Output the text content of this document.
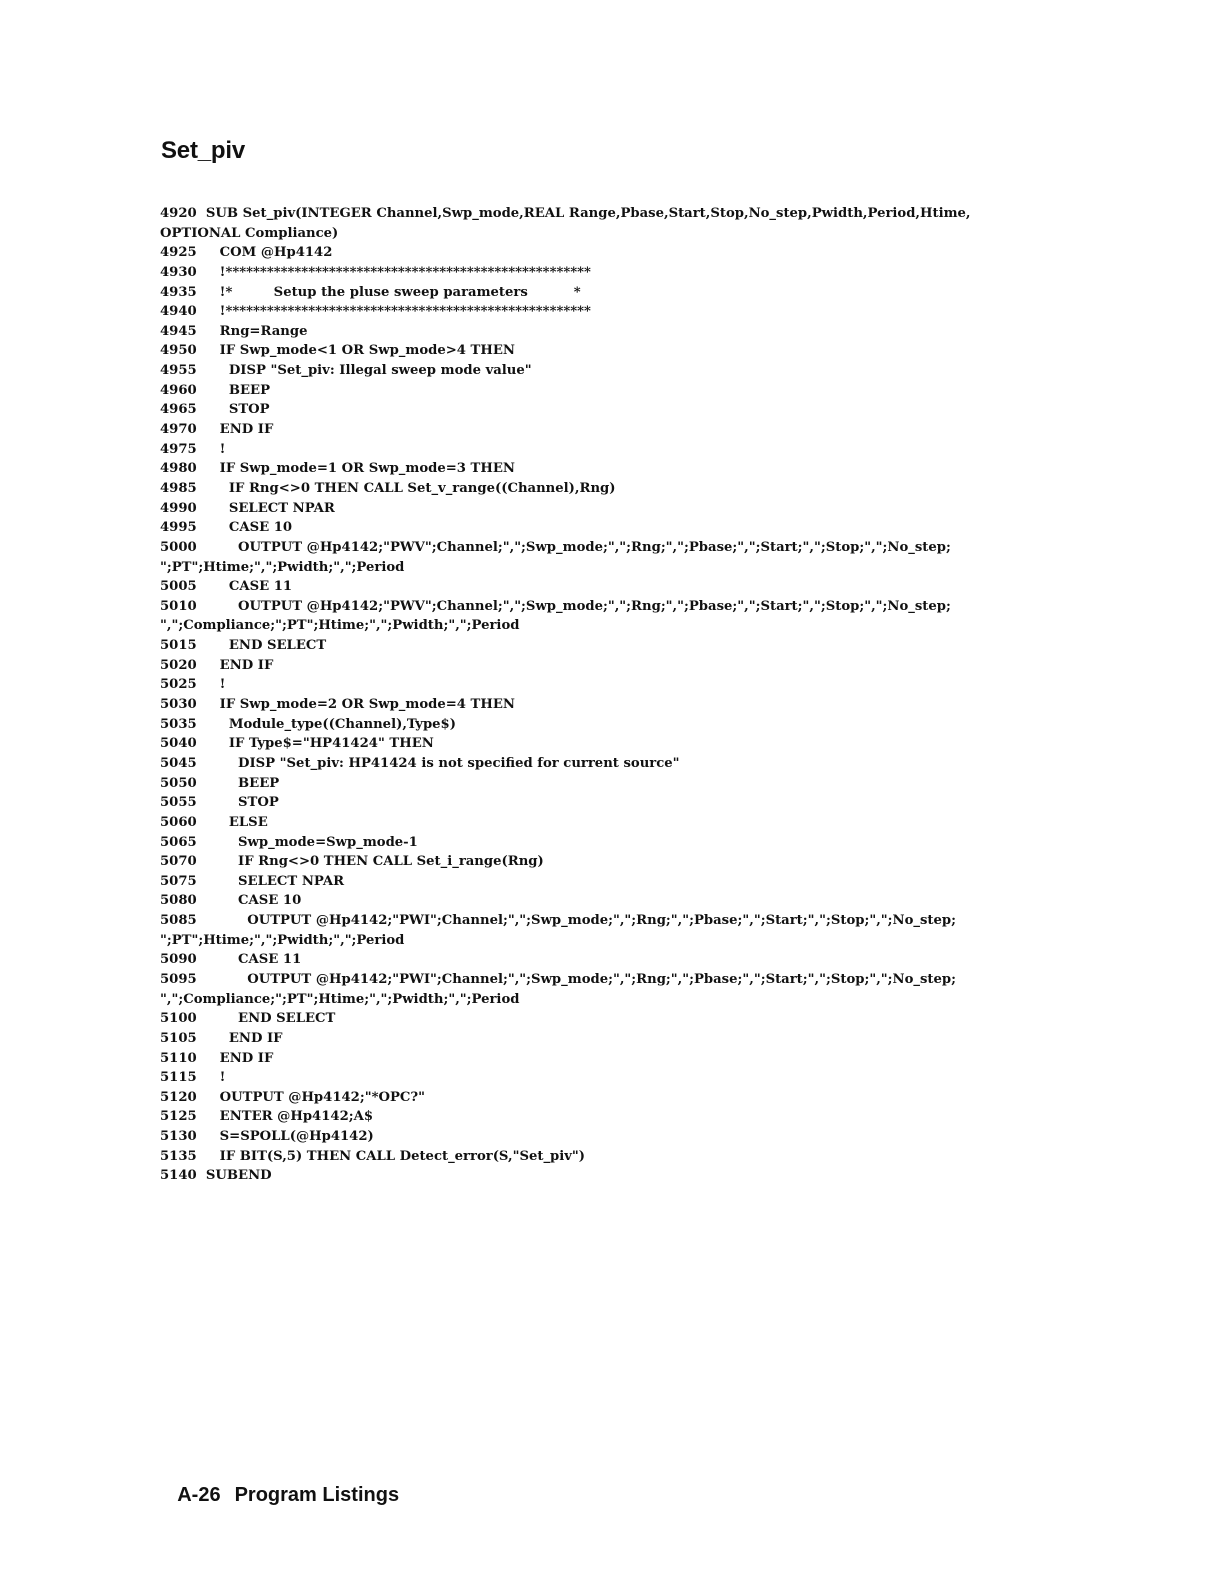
Set_piv
4920  SUB Set_piv(INTEGER Channel,Swp_mode,REAL Range,Pbase,Start,Stop,No_step,Pwidth,Period,Htime,
OPTIONAL Compliance)
4925     COM @Hp4142
4930     !*****************************************************
4935     !*         Setup the pluse sweep parameters          *
4940     !*****************************************************
4945     Rng=Range
4950     IF Swp_mode<1 OR Swp_mode>4 THEN
4955       DISP "Set_piv: Illegal sweep mode value"
4960       BEEP
4965       STOP
4970     END IF
4975     !
4980     IF Swp_mode=1 OR Swp_mode=3 THEN
4985       IF Rng<>0 THEN CALL Set_v_range((Channel),Rng)
4990       SELECT NPAR
4995       CASE 10
5000         OUTPUT @Hp4142;"PWV";Channel;",";Swp_mode;",";Rng;",";Pbase;",";Start;",";Stop;",";No_step;
";PT";Htime;",";Pwidth;",";Period
5005       CASE 11
5010         OUTPUT @Hp4142;"PWV";Channel;",";Swp_mode;",";Rng;",";Pbase;",";Start;",";Stop;",";No_step;
",";Compliance;";PT";Htime;",";Pwidth;",";Period
5015       END SELECT
5020     END IF
5025     !
5030     IF Swp_mode=2 OR Swp_mode=4 THEN
5035       Module_type((Channel),Type$)
5040       IF Type$="HP41424" THEN
5045         DISP "Set_piv: HP41424 is not specified for current source"
5050         BEEP
5055         STOP
5060       ELSE
5065         Swp_mode=Swp_mode-1
5070         IF Rng<>0 THEN CALL Set_i_range(Rng)
5075         SELECT NPAR
5080         CASE 10
5085           OUTPUT @Hp4142;"PWI";Channel;",";Swp_mode;",";Rng;",";Pbase;",";Start;",";Stop;",";No_step;
";PT";Htime;",";Pwidth;",";Period
5090         CASE 11
5095           OUTPUT @Hp4142;"PWI";Channel;",";Swp_mode;",";Rng;",";Pbase;",";Start;",";Stop;",";No_step;
",";Compliance;";PT";Htime;",";Pwidth;",";Period
5100         END SELECT
5105       END IF
5110     END IF
5115     !
5120     OUTPUT @Hp4142;"*OPC?"
5125     ENTER @Hp4142;A$
5130     S=SPOLL(@Hp4142)
5135     IF BIT(S,5) THEN CALL Detect_error(S,"Set_piv")
5140  SUBEND

A-26 Program Listings
